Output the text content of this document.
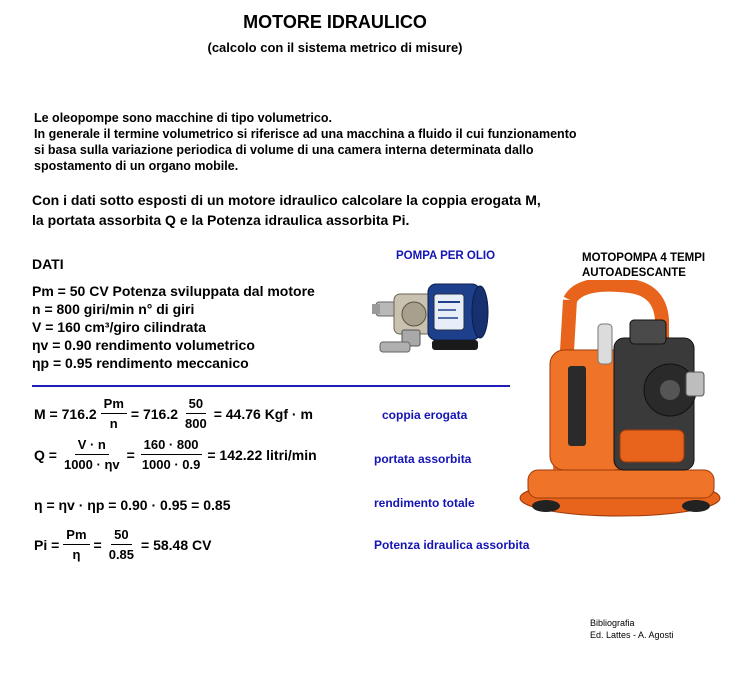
MOTORE IDRAULICO
(calcolo con il sistema metrico di misure)
Le oleopompe sono macchine di tipo volumetrico.
In generale il termine volumetrico si riferisce ad una macchina a fluido il cui funzionamento
si basa sulla variazione periodica di volume di una camera interna determinata dallo
spostamento di un organo mobile.
Con i dati sotto esposti di un motore idraulico calcolare la coppia erogata M,
la portata assorbita Q e la Potenza idraulica assorbita Pi.
DATI
Pm = 50 CV Potenza sviluppata dal motore
n = 800 giri/min n° di giri
V = 160 cm³/giro cilindrata
ηv = 0.90 rendimento volumetrico
ηp = 0.95 rendimento meccanico
$M = 716.2 \frac{Pm}{n} = 716.2 \frac{50}{800} = 44.76$ Kgf · m	coppia erogata
$Q = \frac{V \cdot n}{1000 \cdot \eta v} = \frac{160 \cdot 800}{1000 \cdot 0.9} = 142.22$ litri/min	portata assorbita
η = ηv · ηp = 0.90 · 0.95 = 0.85	rendimento totale
$Pi = \frac{Pm}{\eta} = \frac{50}{0.85} = 58.48$ CV	Potenza idraulica assorbita
POMPA PER OLIO	MOTOPOMPA 4 TEMPI
AUTOADESCANTE
Bibliografia
Ed. Lattes - A. Agosti
